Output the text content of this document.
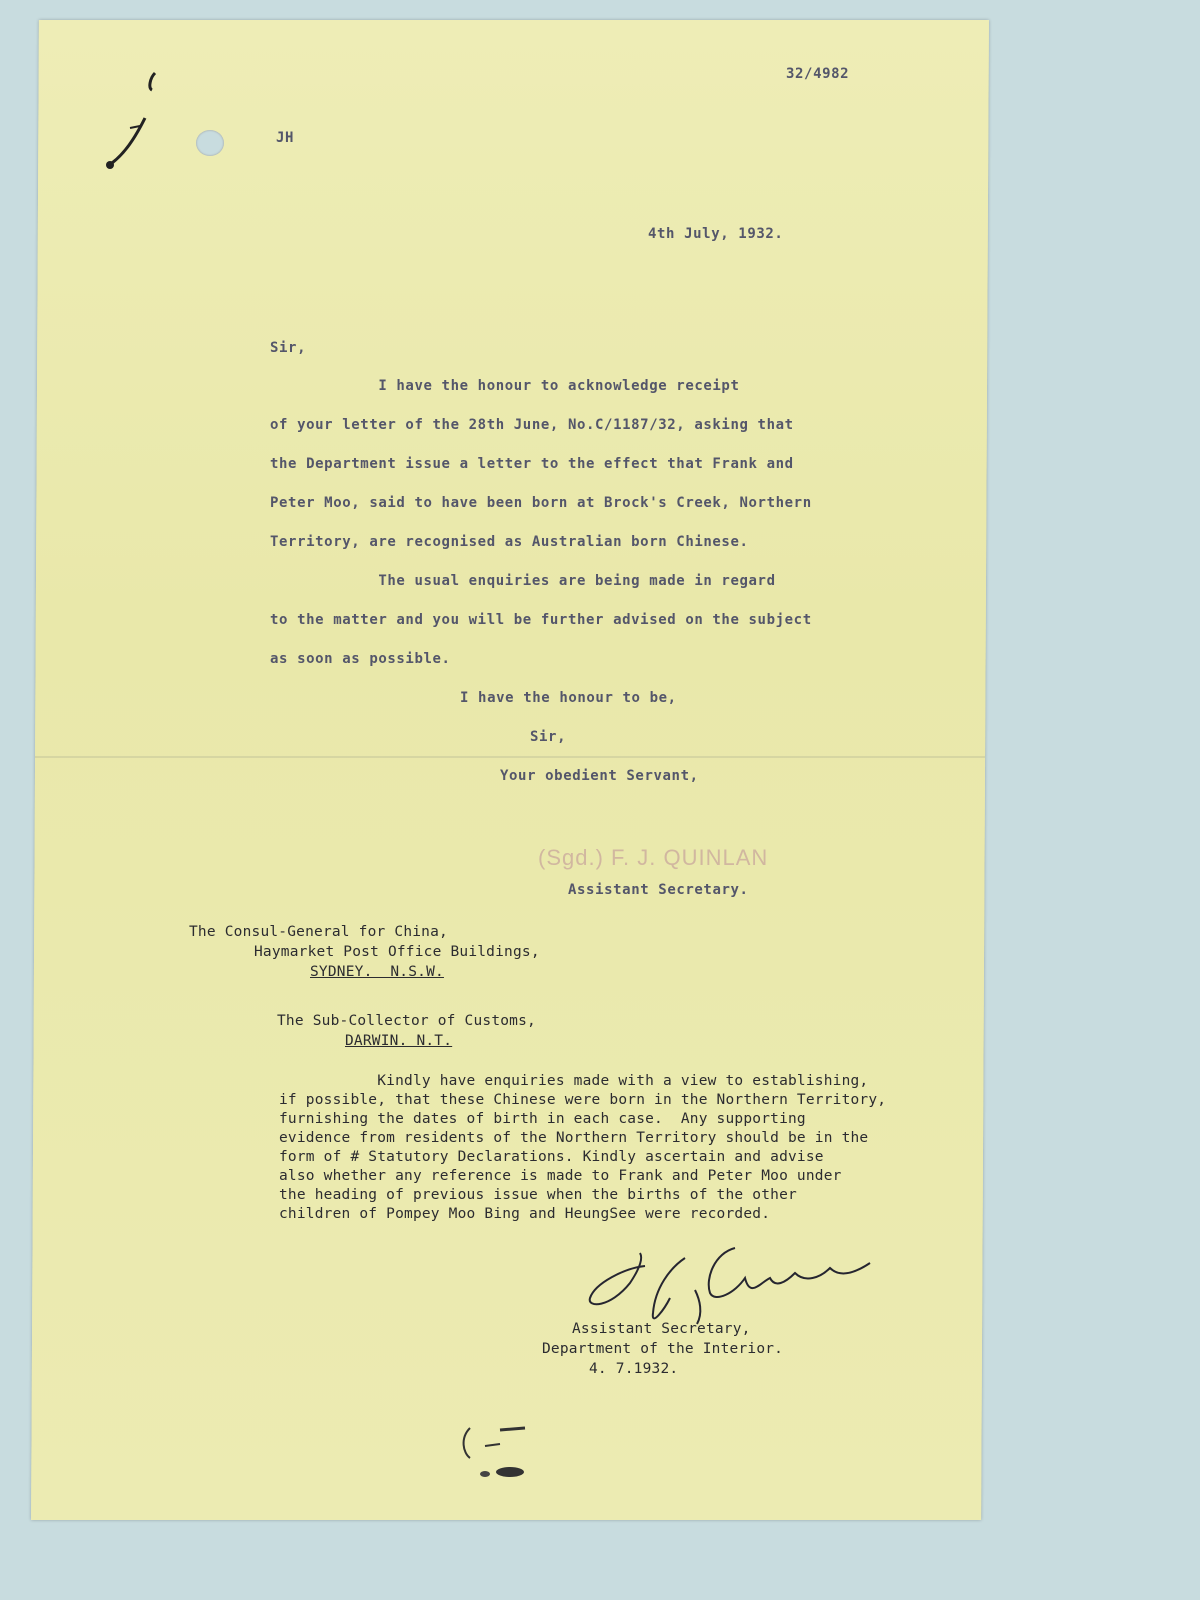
32/4982

JH

4th July, 1932.

Sir,

I have the honour to acknowledge receipt

of your letter of the 28th June, No.C/1187/32, asking that

the Department issue a letter to the effect that Frank and

Peter Moo, said to have been born at Brock's Creek, Northern

Territory, are recognised as Australian born Chinese.

The usual enquiries are being made in regard

to the matter and you will be further advised on the subject

as soon as possible.

I have the honour to be,

Sir,

Your obedient Servant,

(Sgd.) F. J. QUINLAN

Assistant Secretary.

The Consul-General for China,

Haymarket Post Office Buildings,

SYDNEY.  N.S.W.

The Sub-Collector of Customs,

DARWIN. N.T.

Kindly have enquiries made with a view to establishing,

if possible, that these Chinese were born in the Northern Territory,

furnishing the dates of birth in each case.  Any supporting

evidence from residents of the Northern Territory should be in the

form of # Statutory Declarations. Kindly ascertain and advise

also whether any reference is made to Frank and Peter Moo under

the heading of previous issue when the births of the other

children of Pompey Moo Bing and HeungSee were recorded.

Assistant Secretary,

Department of the Interior.

4. 7.1932.
